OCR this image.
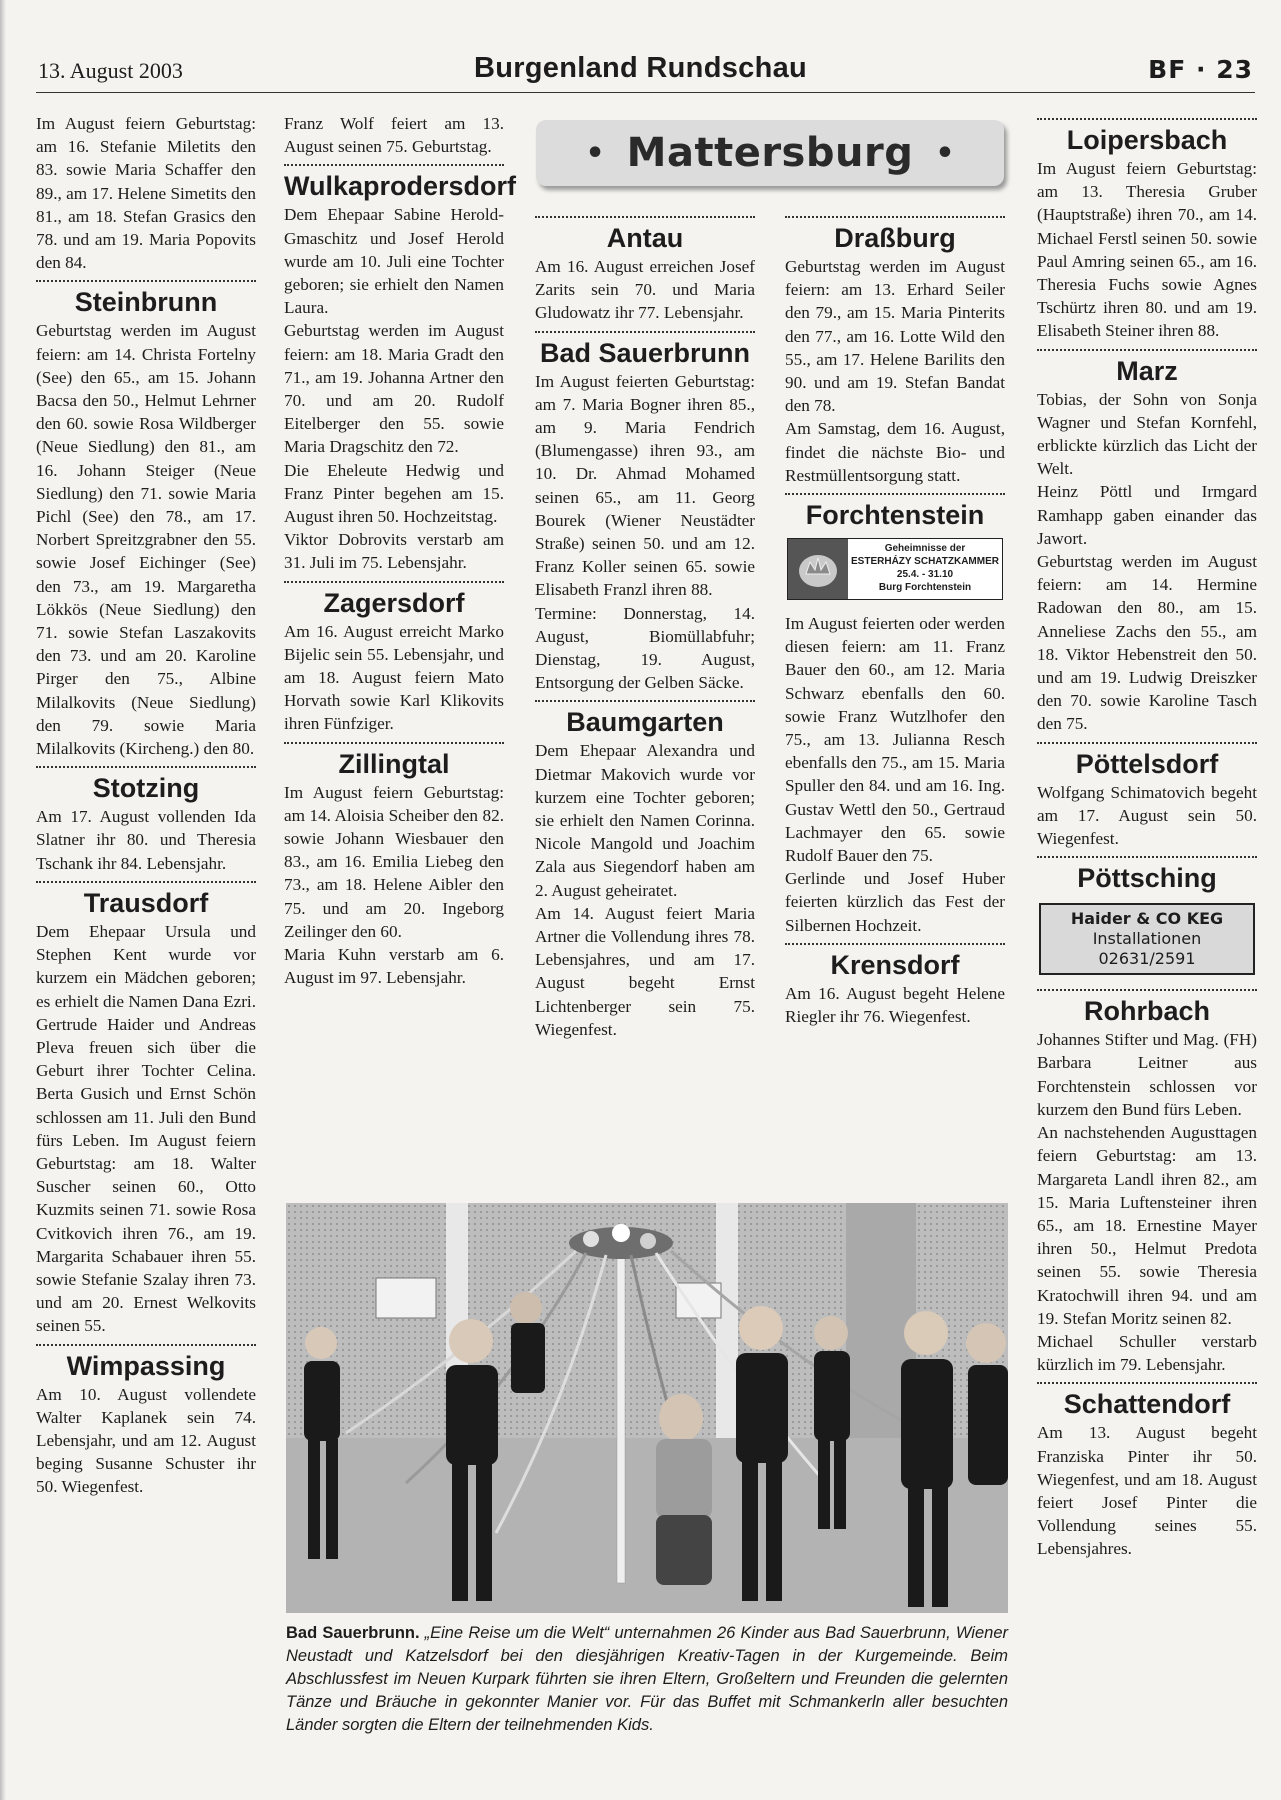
13. August 2003	Burgenland Rundschau	BF · 23
• Mattersburg •

Im August feiern Geburtstag: am 16. Stefanie Miletits den 83. sowie Maria Schaffer den 89., am 17. Helene Simetits den 81., am 18. Stefan Grasics den 78. und am 19. Maria Popovits den 84.

Steinbrunn

Geburtstag werden im August feiern: am 14. Christa Fortelny (See) den 65., am 15. Johann Bacsa den 50., Helmut Lehrner den 60. sowie Rosa Wildberger (Neue Siedlung) den 81., am 16. Johann Steiger (Neue Siedlung) den 71. sowie Maria Pichl (See) den 78., am 17. Norbert Spreitzgrabner den 55. sowie Josef Eichinger (See) den 73., am 19. Margaretha Lökkös (Neue Siedlung) den 71. sowie Stefan Laszakovits den 73. und am 20. Karoline Pirger den 75., Albine Milalkovits (Neue Siedlung) den 79. sowie Maria Milalkovits (Kircheng.) den 80.

Stotzing

Am 17. August vollenden Ida Slatner ihr 80. und Theresia Tschank ihr 84. Lebensjahr.

Trausdorf

Dem Ehepaar Ursula und Stephen Kent wurde vor kurzem ein Mädchen geboren; es erhielt die Namen Dana Ezri. Gertrude Haider und Andreas Pleva freuen sich über die Geburt ihrer Tochter Celina. Berta Gusich und Ernst Schön schlossen am 11. Juli den Bund fürs Leben. Im August feiern Geburtstag: am 18. Walter Suscher seinen 60., Otto Kuzmits seinen 71. sowie Rosa Cvitkovich ihren 76., am 19. Margarita Schabauer ihren 55. sowie Stefanie Szalay ihren 73. und am 20. Ernest Welkovits seinen 55.

Wimpassing

Am 10. August vollendete Walter Kaplanek sein 74. Lebensjahr, und am 12. August beging Susanne Schuster ihr 50. Wiegenfest.

Franz Wolf feiert am 13. August seinen 75. Geburtstag.

Wulkaprodersdorf

Dem Ehepaar Sabine Herold-Gmaschitz und Josef Herold wurde am 10. Juli eine Tochter geboren; sie erhielt den Namen Laura.

Geburtstag werden im August feiern: am 18. Maria Gradt den 71., am 19. Johanna Artner den 70. und am 20. Rudolf Eitelberger den 55. sowie Maria Dragschitz den 72.

Die Eheleute Hedwig und Franz Pinter begehen am 15. August ihren 50. Hochzeitstag.

Viktor Dobrovits verstarb am 31. Juli im 75. Lebensjahr.

Zagersdorf

Am 16. August erreicht Marko Bijelic sein 55. Lebensjahr, und am 18. August feiern Mato Horvath sowie Karl Klikovits ihren Fünfziger.

Zillingtal

Im August feiern Geburtstag: am 14. Aloisia Scheiber den 82. sowie Johann Wiesbauer den 83., am 16. Emilia Liebeg den 73., am 18. Helene Aibler den 75. und am 20. Ingeborg Zeilinger den 60.

Maria Kuhn verstarb am 6. August im 97. Lebensjahr.

Antau

Am 16. August erreichen Josef Zarits sein 70. und Maria Gludowatz ihr 77. Lebensjahr.

Bad Sauerbrunn

Im August feierten Geburtstag: am 7. Maria Bogner ihren 85., am 9. Maria Fendrich (Blumengasse) ihren 93., am 10. Dr. Ahmad Mohamed seinen 65., am 11. Georg Bourek (Wiener Neustädter Straße) seinen 50. und am 12. Franz Koller seinen 65. sowie Elisabeth Franzl ihren 88.

Termine: Donnerstag, 14. August, Biomüllabfuhr; Dienstag, 19. August, Entsorgung der Gelben Säcke.

Baumgarten

Dem Ehepaar Alexandra und Dietmar Makovich wurde vor kurzem eine Tochter geboren; sie erhielt den Namen Corinna. Nicole Mangold und Joachim Zala aus Siegendorf haben am 2. August geheiratet.

Am 14. August feiert Maria Artner die Vollendung ihres 78. Lebensjahres, und am 17. August begeht Ernst Lichtenberger sein 75. Wiegenfest.

Draßburg

Geburtstag werden im August feiern: am 13. Erhard Seiler den 79., am 15. Maria Pinterits den 77., am 16. Lotte Wild den 55., am 17. Helene Barilits den 90. und am 19. Stefan Bandat den 78.

Am Samstag, dem 16. August, findet die nächste Bio- und Restmüllentsorgung statt.

Forchtenstein
Geheimnisse der
ESTERHÁZY SCHATZKAMMER
25.4. - 31.10
Burg Forchtenstein

Im August feierten oder werden diesen feiern: am 11. Franz Bauer den 60., am 12. Maria Schwarz ebenfalls den 60. sowie Franz Wutzlhofer den 75., am 13. Julianna Resch ebenfalls den 75., am 15. Maria Spuller den 84. und am 16. Ing. Gustav Wettl den 50., Gertraud Lachmayer den 65. sowie Rudolf Bauer den 75.

Gerlinde und Josef Huber feierten kürzlich das Fest der Silbernen Hochzeit.

Krensdorf

Am 16. August begeht Helene Riegler ihr 76. Wiegenfest.

Loipersbach

Im August feiern Geburtstag: am 13. Theresia Gruber (Hauptstraße) ihren 70., am 14. Michael Ferstl seinen 50. sowie Paul Amring seinen 65., am 16. Theresia Fuchs sowie Agnes Tschürtz ihren 80. und am 19. Elisabeth Steiner ihren 88.

Marz

Tobias, der Sohn von Sonja Wagner und Stefan Kornfehl, erblickte kürzlich das Licht der Welt.

Heinz Pöttl und Irmgard Ramhapp gaben einander das Jawort.

Geburtstag werden im August feiern: am 14. Hermine Radowan den 80., am 15. Anneliese Zachs den 55., am 18. Viktor Hebenstreit den 50. und am 19. Ludwig Dreiszker den 70. sowie Karoline Tasch den 75.

Pöttelsdorf

Wolfgang Schimatovich begeht am 17. August sein 50. Wiegenfest.

Pöttsching
Haider & CO KEG
Installationen
02631/2591
Rohrbach

Johannes Stifter und Mag. (FH) Barbara Leitner aus Forchtenstein schlossen vor kurzem den Bund fürs Leben.

An nachstehenden Augusttagen feiern Geburtstag: am 13. Margareta Landl ihren 82., am 15. Maria Luftensteiner ihren 65., am 18. Ernestine Mayer ihren 50., Helmut Predota seinen 55. sowie Theresia Kratochwill ihren 94. und am 19. Stefan Moritz seinen 82.

Michael Schuller verstarb kürzlich im 79. Lebensjahr.

Schattendorf

Am 13. August begeht Franziska Pinter ihr 50. Wiegenfest, und am 18. August feiert Josef Pinter die Vollendung seines 55. Lebensjahres.

Bad Sauerbrunn. „Eine Reise um die Welt“ unternahmen 26 Kinder aus Bad Sauerbrunn, Wiener Neustadt und Katzelsdorf bei den diesjährigen Kreativ-Tagen in der Kurgemeinde. Beim Abschlussfest im Neuen Kurpark führten sie ihren Eltern, Großeltern und Freunden die gelernten Tänze und Bräuche in gekonnter Manier vor. Für das Buffet mit Schmankerln aller besuchten Länder sorgten die Eltern der teilnehmenden Kids.
